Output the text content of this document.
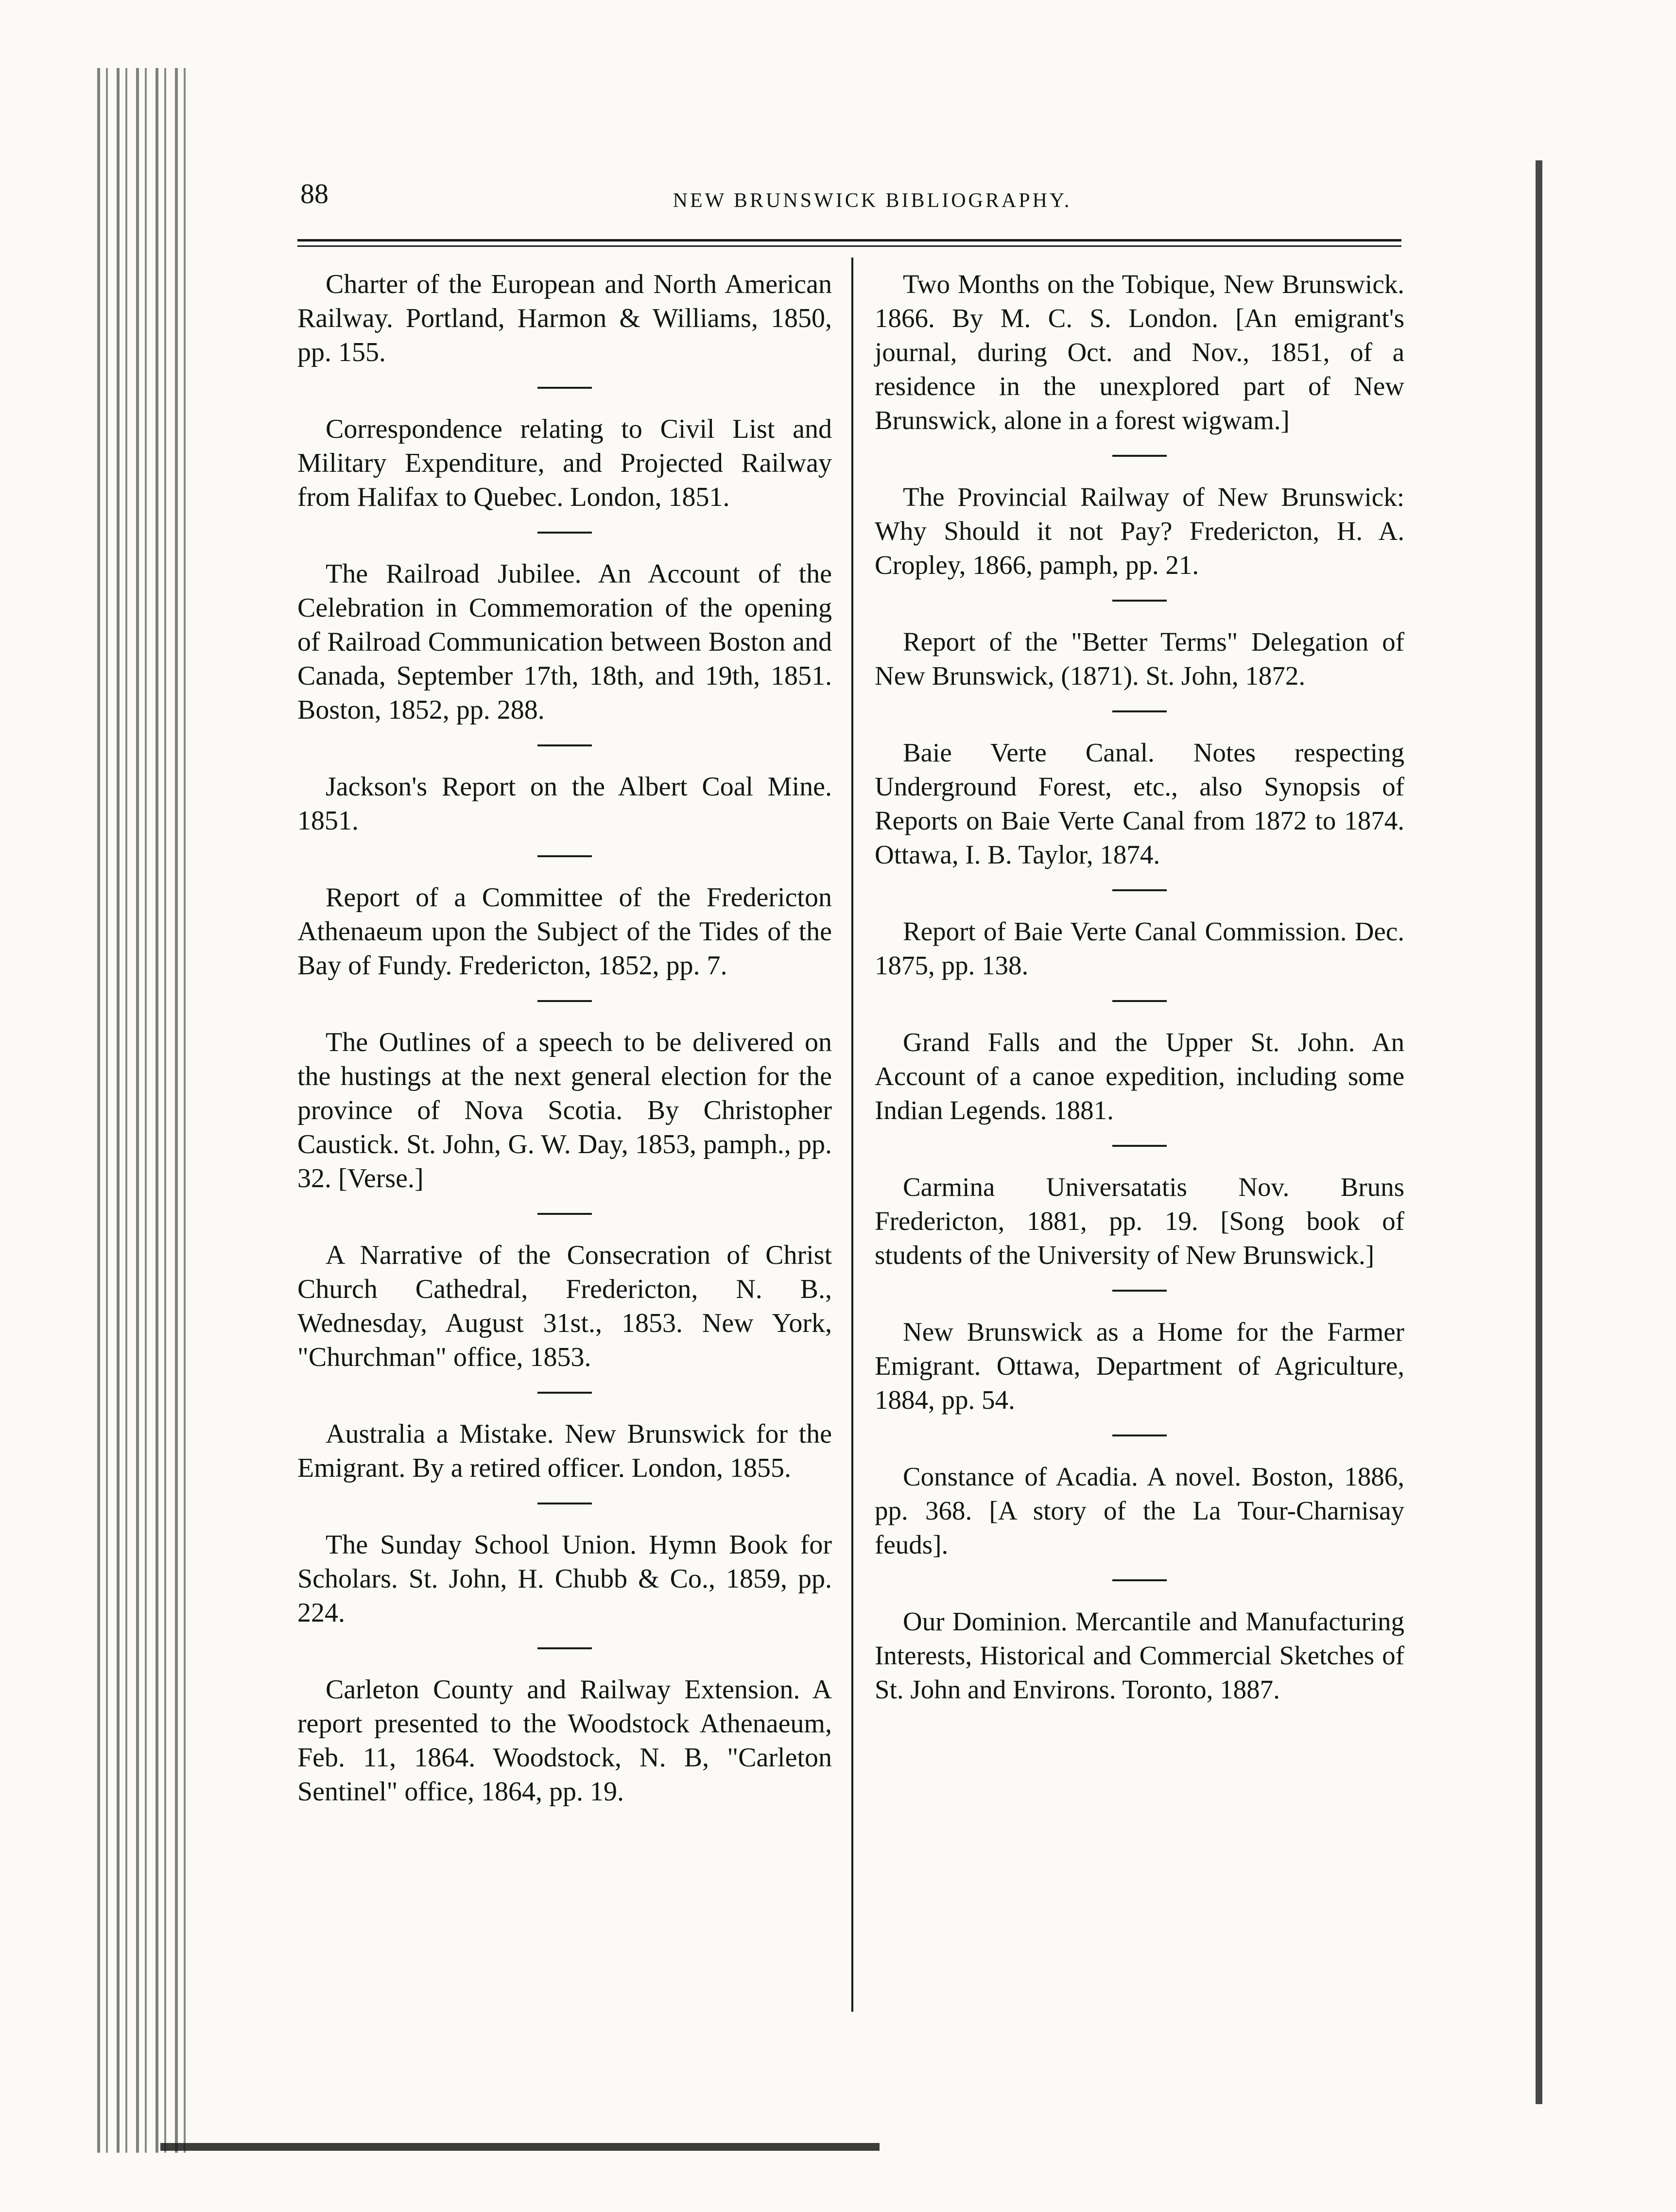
88	NEW BRUNSWICK BIBLIOGRAPHY.

Charter of the European and North American Railway. Portland, Harmon & Williams, 1850, pp. 155.

Correspondence relating to Civil List and Military Expenditure, and Projected Railway from Halifax to Quebec. London, 1851.

The Railroad Jubilee. An Account of the Celebration in Commemoration of the opening of Railroad Communication between Boston and Canada, September 17th, 18th, and 19th, 1851. Boston, 1852, pp. 288.

Jackson's Report on the Albert Coal Mine. 1851.

Report of a Committee of the Fredericton Athenaeum upon the Subject of the Tides of the Bay of Fundy. Fredericton, 1852, pp. 7.

The Outlines of a speech to be delivered on the hustings at the next general election for the province of Nova Scotia. By Christopher Caustick. St. John, G. W. Day, 1853, pamph., pp. 32. [Verse.]

A Narrative of the Consecration of Christ Church Cathedral, Fredericton, N. B., Wednesday, August 31st., 1853. New York, "Churchman" office, 1853.

Australia a Mistake. New Brunswick for the Emigrant. By a retired officer. London, 1855.

The Sunday School Union. Hymn Book for Scholars. St. John, H. Chubb & Co., 1859, pp. 224.

Carleton County and Railway Extension. A report presented to the Woodstock Athenaeum, Feb. 11, 1864. Woodstock, N. B, "Carleton Sentinel" office, 1864, pp. 19.

Two Months on the Tobique, New Brunswick. 1866. By M. C. S. London. [An emigrant's journal, during Oct. and Nov., 1851, of a residence in the unexplored part of New Brunswick, alone in a forest wigwam.]

The Provincial Railway of New Brunswick: Why Should it not Pay? Fredericton, H. A. Cropley, 1866, pamph, pp. 21.

Report of the "Better Terms" Delegation of New Brunswick, (1871). St. John, 1872.

Baie Verte Canal. Notes respecting Underground Forest, etc., also Synopsis of Reports on Baie Verte Canal from 1872 to 1874. Ottawa, I. B. Taylor, 1874.

Report of Baie Verte Canal Commission. Dec. 1875, pp. 138.

Grand Falls and the Upper St. John. An Account of a canoe expedition, including some Indian Legends. 1881.

Carmina Universatatis Nov. Bruns Fredericton, 1881, pp. 19. [Song book of students of the University of New Brunswick.]

New Brunswick as a Home for the Farmer Emigrant. Ottawa, Department of Agriculture, 1884, pp. 54.

Constance of Acadia. A novel. Boston, 1886, pp. 368. [A story of the La Tour-Charnisay feuds].

Our Dominion. Mercantile and Manufacturing Interests, Historical and Commercial Sketches of St. John and Environs. Toronto, 1887.
